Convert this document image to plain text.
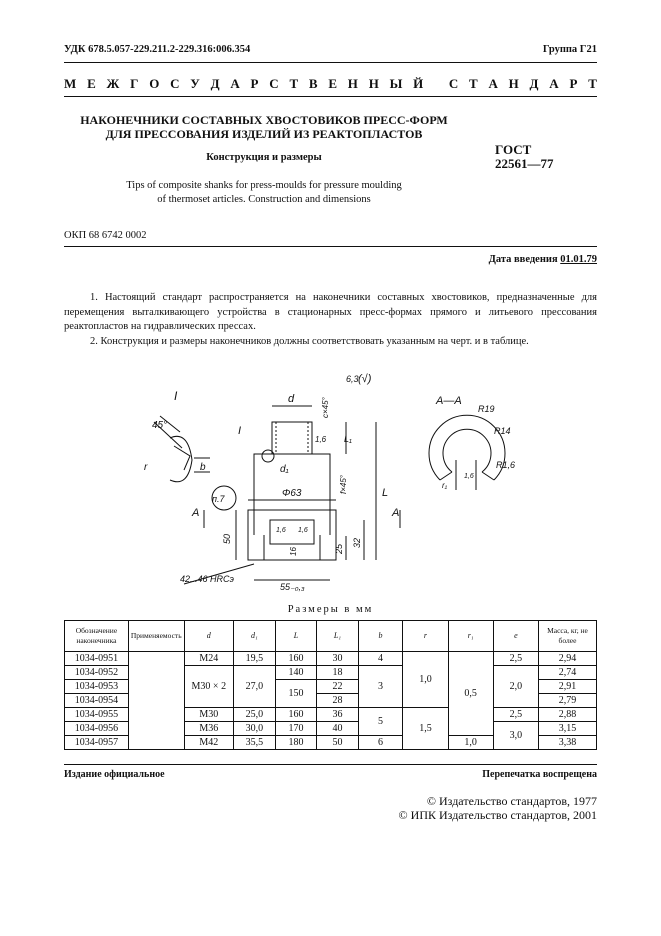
УДК 678.5.057-229.211.2-229.316:006.354	Группа Г21
М Е Ж Г О С У Д А Р С Т В Е Н Н Ы Й С Т А Н Д А Р Т
НАКОНЕЧНИКИ СОСТАВНЫХ ХВОСТОВИКОВ ПРЕСС-ФОРМ
ДЛЯ ПРЕССОВАНИЯ ИЗДЕЛИЙ ИЗ РЕАКТОПЛАСТОВ
Конструкция и размеры
Tips of composite shanks for press-moulds for pressure moulding
of thermoset articles. Construction and dimensions
ГОСТ
22561—77
ОКП 68 6742 0002
Дата введения 01.01.79

1. Настоящий стандарт распространяется на наконечники составных хвостовиков, предназначенные для перемещения выталкивающего устройства в стационарных пресс-формах прямого и литьевого прессования реактопластов на гидравлических прессах.

2. Конструкция и размеры наконечников должны соответствовать указанным на черт. и в таблице.

I
45°
r	b
d	c×45°
6,3 (√)
I
d₁
1,6
f×45°
Φ63
1,6 1,6
16
п.7
А	А
50
25
32
L₁
L
55₋₀,₃
42...46 HRCэ
А—А
R19
R14
R1,6
r₁
1,6
Размеры в мм
Обозначение наконечника	Применяемость	d	d₁	L	L₁	b	r	r₁	e	Масса, кг, не более
1034-0951		M24	19,5	160	30	4	1,0	0,5	2,5	2,94
1034-0952		M30 × 2	27,0	140	18	3			2,0	2,74
1034-0953				150	22					2,91
1034-0954					28					2,79
1034-0955		M30	25,0	160	36	5	1,5		2,5	2,88
1034-0956		M36	30,0	170	40				3,0	3,15
1034-0957		M42	35,5	180	50	6		1,0		3,38
Издание официальное	Перепечатка воспрещена
© Издательство стандартов, 1977
© ИПК Издательство стандартов, 2001
